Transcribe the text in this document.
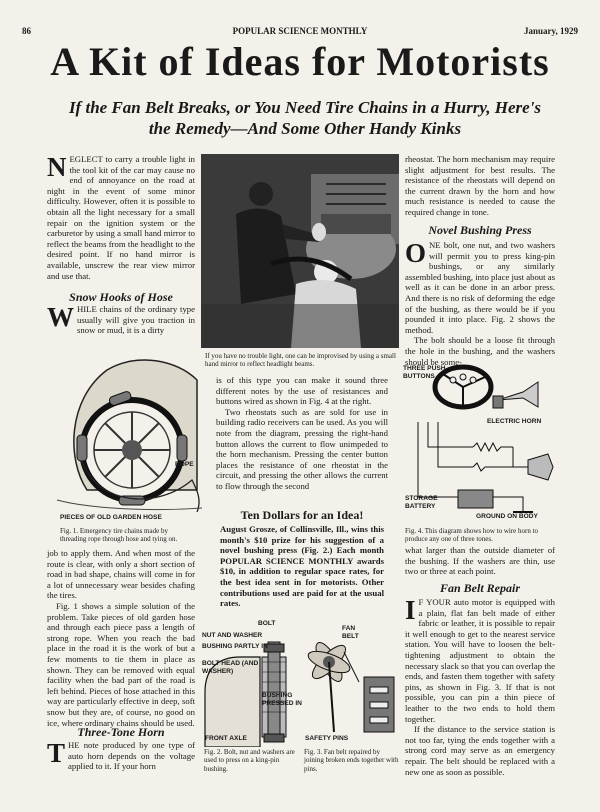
86	POPULAR SCIENCE MONTHLY	January, 1929
A Kit of Ideas for Motorists
If the Fan Belt Breaks, or You Need Tire Chains in a Hurry, Here's the Remedy—And Some Other Handy Kinks
NEGLECT to carry a trouble light in the tool kit of the car may cause no end of annoyance on the road at night in the event of some minor difficulty. However, often it is possible to obtain all the light necessary for a small repair on the ignition system or the carburetor by using a small hand mirror to reflect the beams from the headlight to the desired point. If no hand mirror is available, unscrew the rear view mirror and use that.
Snow Hooks of Hose
WHILE chains of the ordinary type usually will give you traction in snow or mud, it is a dirty
ROPE
PIECES OF OLD GARDEN HOSE
Fig. 1. Emergency tire chains made by threading rope through hose and tying on.

job to apply them. And when most of the route is clear, with only a short section of road in bad shape, chains will come in for a lot of unnecessary wear besides chafing the tires.

Fig. 1 shows a simple solution of the problem. Take pieces of old garden hose and through each piece pass a length of strong rope. When you reach the bad place in the road it is the work of but a few moments to tie them in place as shown. They can be removed with equal facility when the bad part of the road is left behind. Pieces of hose attached in this way are particularly effective in deep, soft snow but they are, of course, no good on ice, where ordinary chains should be used.

Three-Tone Horn
THE note produced by one type of auto horn depends on the voltage applied to it. If your horn
If you have no trouble light, one can be improvised by using a small hand mirror to reflect headlight beams.

is of this type you can make it sound three different notes by the use of resistances and buttons wired as shown in Fig. 4 at the right.

Two rheostats such as are sold for use in building radio receivers can be used. As you will note from the diagram, pressing the right-hand button allows the current to flow unimpeded to the horn mechanism. Pressing the center button places the resistance of one rheostat in the circuit, and pressing the other allows the current to flow through the second

Ten Dollars for an Idea!
August Grosze, of Collinsville, Ill., wins this month's $10 prize for his suggestion of a novel bushing press (Fig. 2.) Each month POPULAR SCIENCE MONTHLY awards $10, in addition to regular space rates, for the best idea sent in for motorists. Other contributions used are paid for at the usual rates.

rheostat. The horn mechanism may require slight adjustment for best results. The resistance of the rheostats will depend on the current drawn by the horn and how much resistance is needed to cause the required change in tone.

Novel Bushing Press
ONE bolt, one nut, and two washers will permit you to press king-pin bushings, or any similarly assembled bushing, into place just about as well as it can be done in an arbor press. And there is no risk of deforming the edge of the bushing, as there would be if you pounded it into place. Fig. 2 shows the method.

The bolt should be a loose fit through the hole in the bushing, and the washers should be some-

THREE PUSH BUTTONS
ELECTRIC HORN
STORAGE BATTERY
GROUND ON BODY
Fig. 4. This diagram shows how to wire horn to produce any one of three tones.

what larger than the outside diameter of the bushing. If the washers are thin, use two or three at each point.

Fan Belt Repair
I F YOUR auto motor is equipped with a plain, flat fan belt made of either fabric or leather, it is possible to repair it well enough to get to the nearest service station. You will have to loosen the belt-tightening adjustment to obtain the necessary slack so that you can overlap the ends, and fasten them together with safety pins, as shown in Fig. 3. If that is not possible, you can pin a thin piece of leather to the two ends to hold them together.

If the distance to the service station is not too far, tying the ends together with a strong cord may serve as an emergency repair. The belt should be replaced with a new one as soon as possible.

BOLT
NUT AND WASHER
BUSHING PARTLY IN
BOLT HEAD (AND WASHER)
BUSHING PRESSED IN
FRONT AXLE
Fig. 2. Bolt, nut and washers are used to press on a king-pin bushing.
FAN BELT
SAFETY PINS
Fig. 3. Fan belt repaired by joining broken ends together with pins.
